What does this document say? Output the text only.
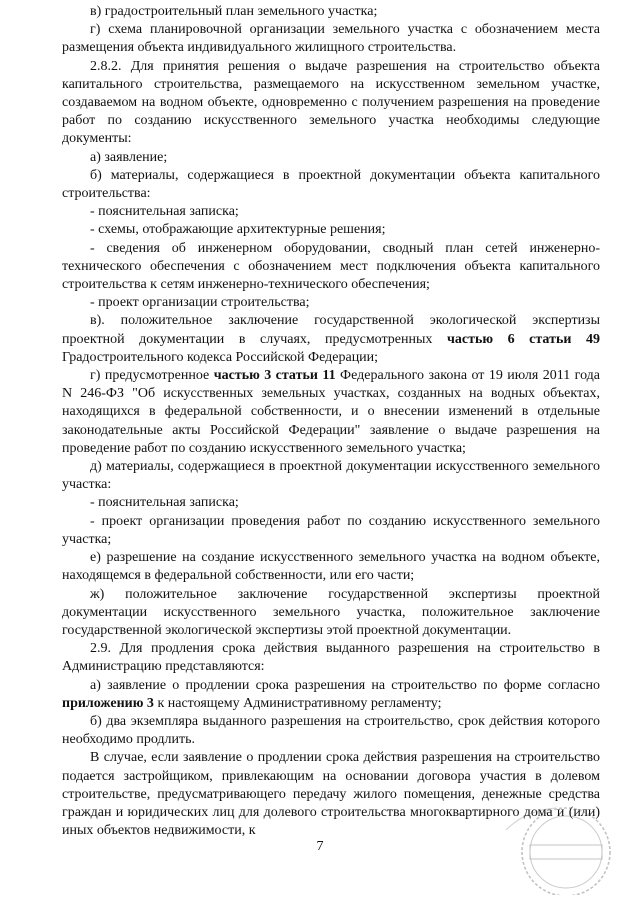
в) градостроительный план земельного участка;

г) схема планировочной организации земельного участка с обозначением места размещения объекта индивидуального жилищного строительства.

2.8.2. Для принятия решения о выдаче разрешения на строительство объекта капитального строительства, размещаемого на искусственном земельном участке, создаваемом на водном объекте, одновременно с получением разрешения на проведение работ по созданию искусственного земельного участка необходимы следующие документы:

а) заявление;

б) материалы, содержащиеся в проектной документации объекта капитального строительства:

- пояснительная записка;

- схемы, отображающие архитектурные решения;

- сведения об инженерном оборудовании, сводный план сетей инженерно-технического обеспечения с обозначением мест подключения объекта капитального строительства к сетям инженерно-технического обеспечения;

- проект организации строительства;

в). положительное заключение государственной экологической экспертизы проектной документации в случаях, предусмотренных частью 6 статьи 49 Градостроительного кодекса Российской Федерации;

г) предусмотренное частью 3 статьи 11 Федерального закона от 19 июля 2011 года N 246-ФЗ "Об искусственных земельных участках, созданных на водных объектах, находящихся в федеральной собственности, и о внесении изменений в отдельные законодательные акты Российской Федерации" заявление о выдаче разрешения на проведение работ по созданию искусственного земельного участка;

д) материалы, содержащиеся в проектной документации искусственного земельного участка:

- пояснительная записка;

- проект организации проведения работ по созданию искусственного земельного участка;

е) разрешение на создание искусственного земельного участка на водном объекте, находящемся в федеральной собственности, или его части;

ж) положительное заключение государственной экспертизы проектной документации искусственного земельного участка, положительное заключение государственной экологической экспертизы этой проектной документации.

2.9. Для продления срока действия выданного разрешения на строительство в Администрацию представляются:

а) заявление о продлении срока разрешения на строительство по форме согласно приложению 3 к настоящему Административному регламенту;

б) два экземпляра выданного разрешения на строительство, срок действия которого необходимо продлить.

В случае, если заявление о продлении срока действия разрешения на строительство подается застройщиком, привлекающим на основании договора участия в долевом строительстве, предусматривающего передачу жилого помещения, денежные средства граждан и юридических лиц для долевого строительства многоквартирного дома и (или) иных объектов недвижимости, к

7
